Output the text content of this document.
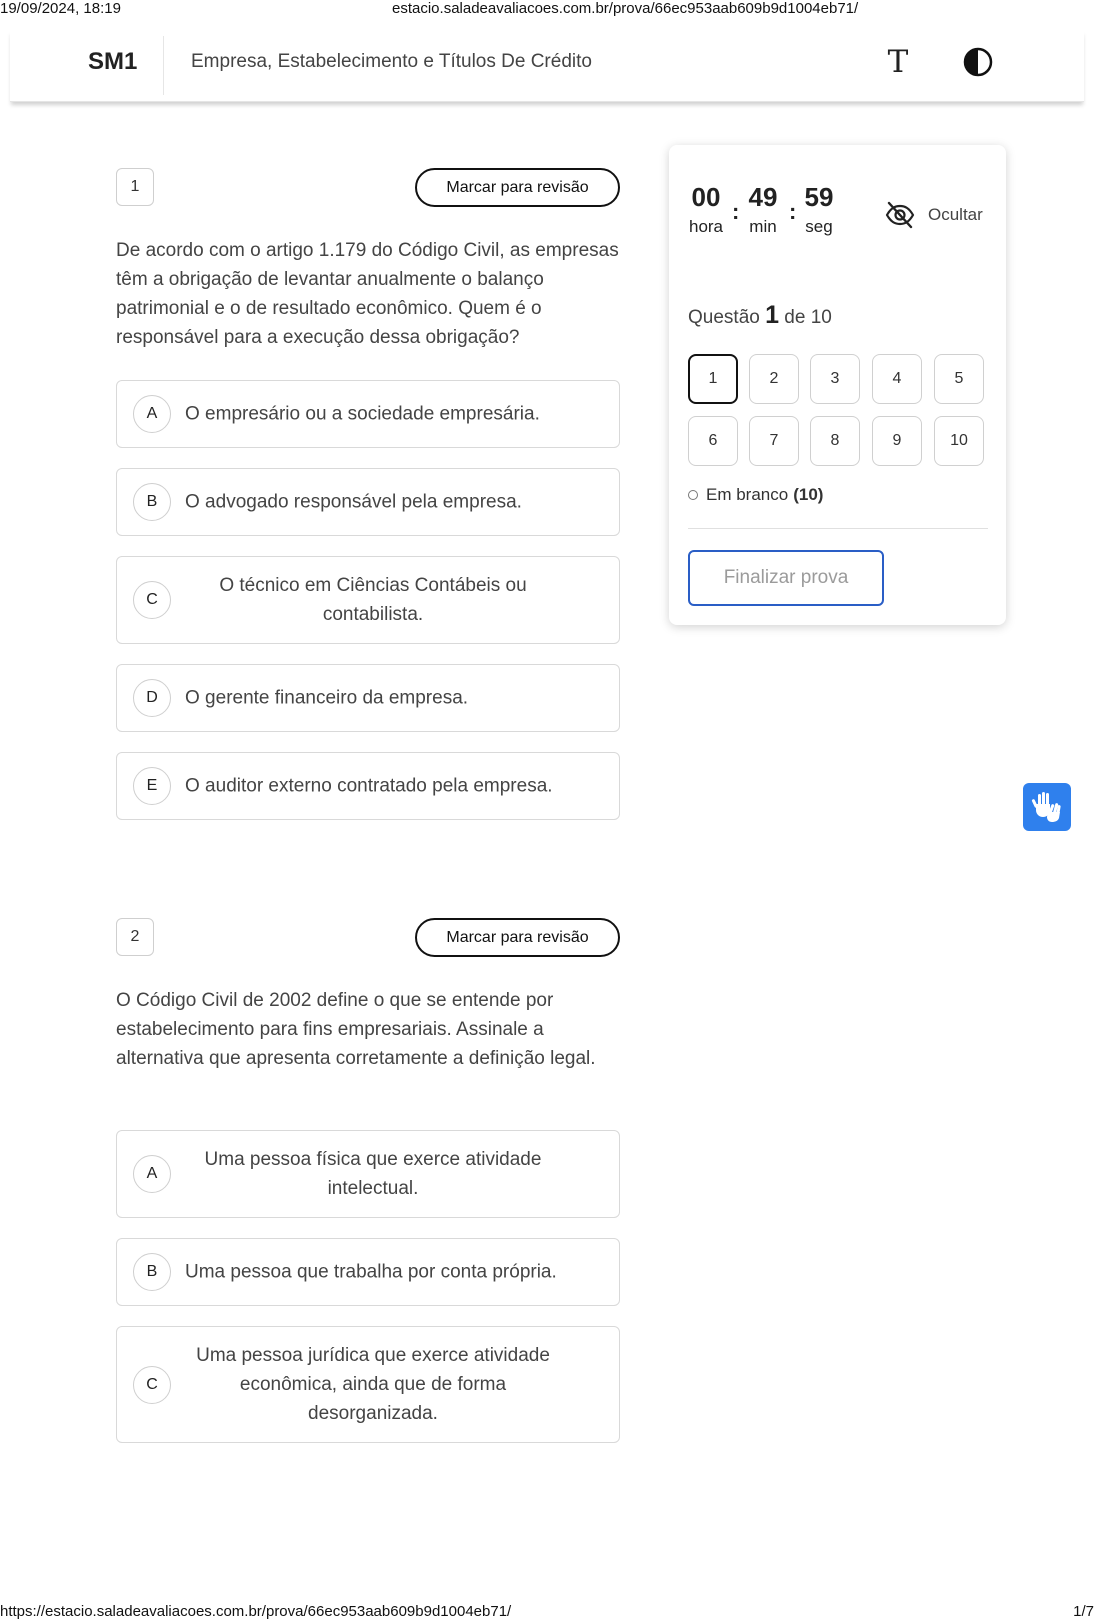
19/09/2024, 18:19	estacio.saladeavaliacoes.com.br/prova/66ec953aab609b9d1004eb71/
SM1	Empresa, Estabelecimento e Títulos De Crédito	T
1	Marcar para revisão
De acordo com o artigo 1.179 do Código Civil, as empresas têm a obrigação de levantar anualmente o balanço patrimonial e o de resultado econômico. Quem é o responsável para a execução dessa obrigação?
A	O empresário ou a sociedade empresária.
B	O advogado responsável pela empresa.
C
O técnico em Ciências Contábeis ou contabilista.
D	O gerente financeiro da empresa.
E	O auditor externo contratado pela empresa.
2	Marcar para revisão
O Código Civil de 2002 define o que se entende por estabelecimento para fins empresariais. Assinale a alternativa que apresenta corretamente a definição legal.
A
Uma pessoa física que exerce atividade intelectual.
B	Uma pessoa que trabalha por conta própria.
C
Uma pessoa jurídica que exerce atividade econômica, ainda que de forma desorganizada.
00
hora
: 49
min
: 59
seg
Ocultar
Questão 1 de 10
1	2	3	4	5
6	7	8	9	10
Em branco (10)
Finalizar prova
https://estacio.saladeavaliacoes.com.br/prova/66ec953aab609b9d1004eb71/	1/7
